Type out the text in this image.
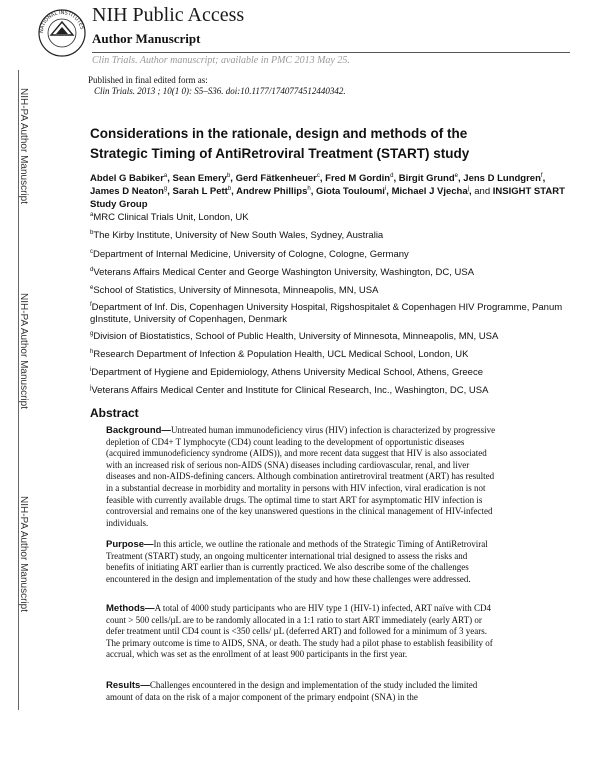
NATIONAL INSTITUTES
NIH Public Access
Author Manuscript
Clin Trials. Author manuscript; available in PMC 2013 May 25.
Published in final edited form as:
Clin Trials. 2013 ; 10(1 0): S5–S36. doi:10.1177/1740774512440342.
NIH-PA Author Manuscript
NIH-PA Author Manuscript
NIH-PA Author Manuscript
Considerations in the rationale, design and methods of the
Strategic Timing of AntiRetroviral Treatment (START) study
Abdel G Babiker$^a$, Sean Emery$^b$, Gerd Fätkenheuer$^c$, Fred M Gordin$^d$, Birgit Grund$^e$, Jens D Lundgren$^f$, James D Neaton$^g$, Sarah L Pett$^b$, Andrew Phillips$^h$, Giota Touloumi$^i$, Michael J Vjecha$^j$, and INSIGHT START Study Group
$^a$MRC Clinical Trials Unit, London, UK
$^b$The Kirby Institute, University of New South Wales, Sydney, Australia
$^c$Department of Internal Medicine, University of Cologne, Cologne, Germany
$^d$Veterans Affairs Medical Center and George Washington University, Washington, DC, USA
$^e$School of Statistics, University of Minnesota, Minneapolis, MN, USA
$^f$Department of Inf. Dis, Copenhagen University Hospital, Rigshospitalet & Copenhagen HIV Programme, Panum gInstitute, University of Copenhagen, Denmark
$^g$Division of Biostatistics, School of Public Health, University of Minnesota, Minneapolis, MN, USA
$^h$Research Department of Infection & Population Health, UCL Medical School, London, UK
$^i$Department of Hygiene and Epidemiology, Athens University Medical School, Athens, Greece
$^j$Veterans Affairs Medical Center and Institute for Clinical Research, Inc., Washington, DC, USA
Abstract
Background—Untreated human immunodeficiency virus (HIV) infection is characterized by progressive depletion of CD4+ T lymphocyte (CD4) count leading to the development of opportunistic diseases (acquired immunodeficiency syndrome (AIDS)), and more recent data suggest that HIV is also associated with an increased risk of serious non-AIDS (SNA) diseases including cardiovascular, renal, and liver diseases and non-AIDS-defining cancers. Although combination antiretroviral treatment (ART) has resulted in a substantial decrease in morbidity and mortality in persons with HIV infection, viral eradication is not feasible with currently available drugs. The optimal time to start ART for asymptomatic HIV infection is controversial and remains one of the key unanswered questions in the clinical management of HIV-infected individuals.
Purpose—In this article, we outline the rationale and methods of the Strategic Timing of AntiRetroviral Treatment (START) study, an ongoing multicenter international trial designed to assess the risks and benefits of initiating ART earlier than is currently practiced. We also describe some of the challenges encountered in the design and implementation of the study and how these challenges were addressed.
Methods—A total of 4000 study participants who are HIV type 1 (HIV-1) infected, ART naïve with CD4 count > 500 cells/µL are to be randomly allocated in a 1:1 ratio to start ART immediately (early ART) or defer treatment until CD4 count is <350 cells/ µL (deferred ART) and followed for a minimum of 3 years. The primary outcome is time to AIDS, SNA, or death. The study had a pilot phase to establish feasibility of accrual, which was set as the enrollment of at least 900 participants in the first year.
Results—Challenges encountered in the design and implementation of the study included the limited amount of data on the risk of a major component of the primary endpoint (SNA) in the
